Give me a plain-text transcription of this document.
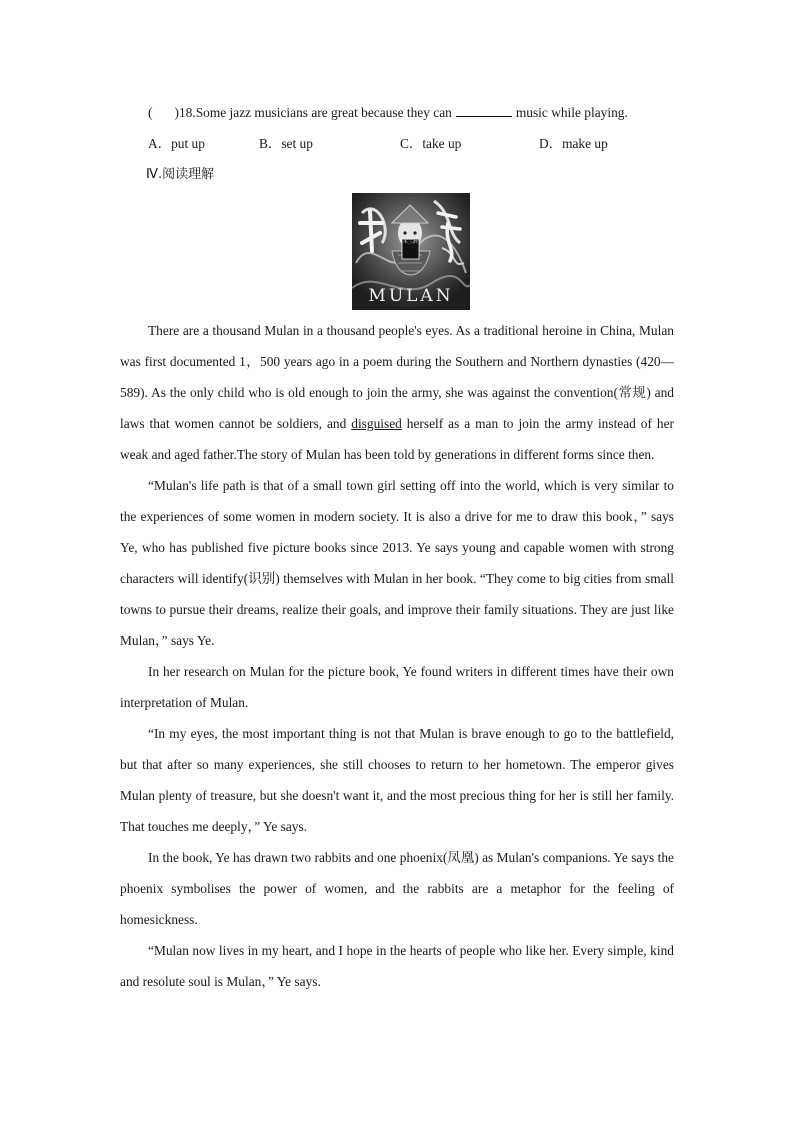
( )18.Some jazz musicians are great because they can	music while playing.
A．put up	B．set up	C．take up	D．make up
Ⅳ.阅读理解
木兰辞
MULAN

There are a thousand Mulan in a thousand people's eyes. As a traditional heroine in China, Mulan was first documented 1，500 years ago in a poem during the Southern and Northern dynasties (420—589). As the only child who is old enough to join the army, she was against the convention(常规) and laws that women cannot be soldiers, and disguised herself as a man to join the army instead of her weak and aged father.The story of Mulan has been told by generations in different forms since then.

“Mulan's life path is that of a small town girl setting off into the world, which is very similar to the experiences of some women in modern society. It is also a drive for me to draw this book，” says Ye, who has published five picture books since 2013. Ye says young and capable women with strong characters will identify(识别) themselves with Mulan in her book. “They come to big cities from small towns to pursue their dreams, realize their goals, and improve their family situations. They are just like Mulan，” says Ye.

In her research on Mulan for the picture book, Ye found writers in different times have their own interpretation of Mulan.

“In my eyes, the most important thing is not that Mulan is brave enough to go to the battlefield, but that after so many experiences, she still chooses to return to her hometown. The emperor gives Mulan plenty of treasure, but she doesn't want it, and the most precious thing for her is still her family. That touches me deeply，” Ye says.

In the book, Ye has drawn two rabbits and one phoenix(凤凰) as Mulan's companions. Ye says the phoenix symbolises the power of women, and the rabbits are a metaphor for the feeling of homesickness.

“Mulan now lives in my heart, and I hope in the hearts of people who like her. Every simple, kind and resolute soul is Mulan，” Ye says.
